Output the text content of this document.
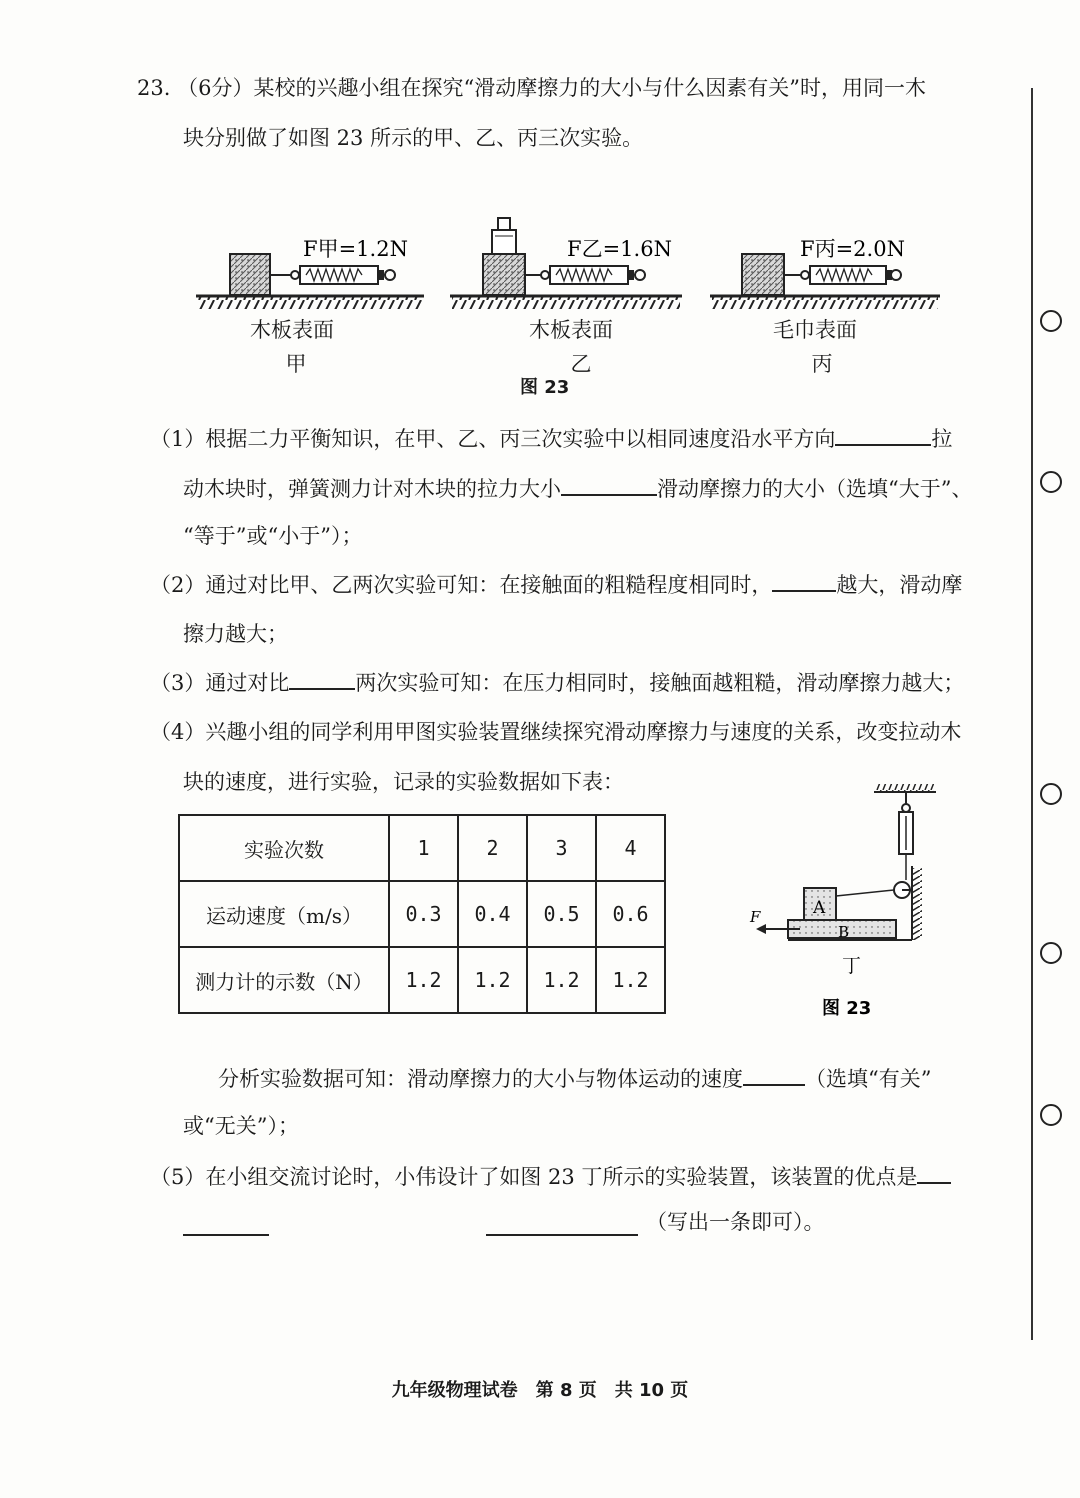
23. （6分）某校的兴趣小组在探究“滑动摩擦力的大小与什么因素有关”时，用同一木
块分别做了如图 23 所示的甲、乙、丙三次实验。
F甲=1.2N	F乙=1.6N	F丙=2.0N
木板表面
甲
木板表面
乙
毛巾表面
丙
图 23
（1）根据二力平衡知识，在甲、乙、丙三次实验中以相同速度沿水平方向	拉
动木块时，弹簧测力计对木块的拉力大小	滑动摩擦力的大小（选填“大于”、
“等于”或“小于”）；
（2）通过对比甲、乙两次实验可知：在接触面的粗糙程度相同时，	越大，滑动摩
擦力越大；
（3）通过对比	两次实验可知：在压力相同时，接触面越粗糙，滑动摩擦力越大；
（4）兴趣小组的同学利用甲图实验装置继续探究滑动摩擦力与速度的关系，改变拉动木
块的速度，进行实验，记录的实验数据如下表：
实验次数	1	2	3	4
运动速度（m/s）	0.3	0.4	0.5	0.6
测力计的示数（N）	1.2	1.2	1.2	1.2
A
B
F
丁
图 23
分析实验数据可知：滑动摩擦力的大小与物体运动的速度	（选填“有关”
或“无关”）；
（5）在小组交流讨论时，小伟设计了如图 23 丁所示的实验装置，该装置的优点是
（写出一条即可）。
九年级物理试卷　第 8 页　共 10 页
